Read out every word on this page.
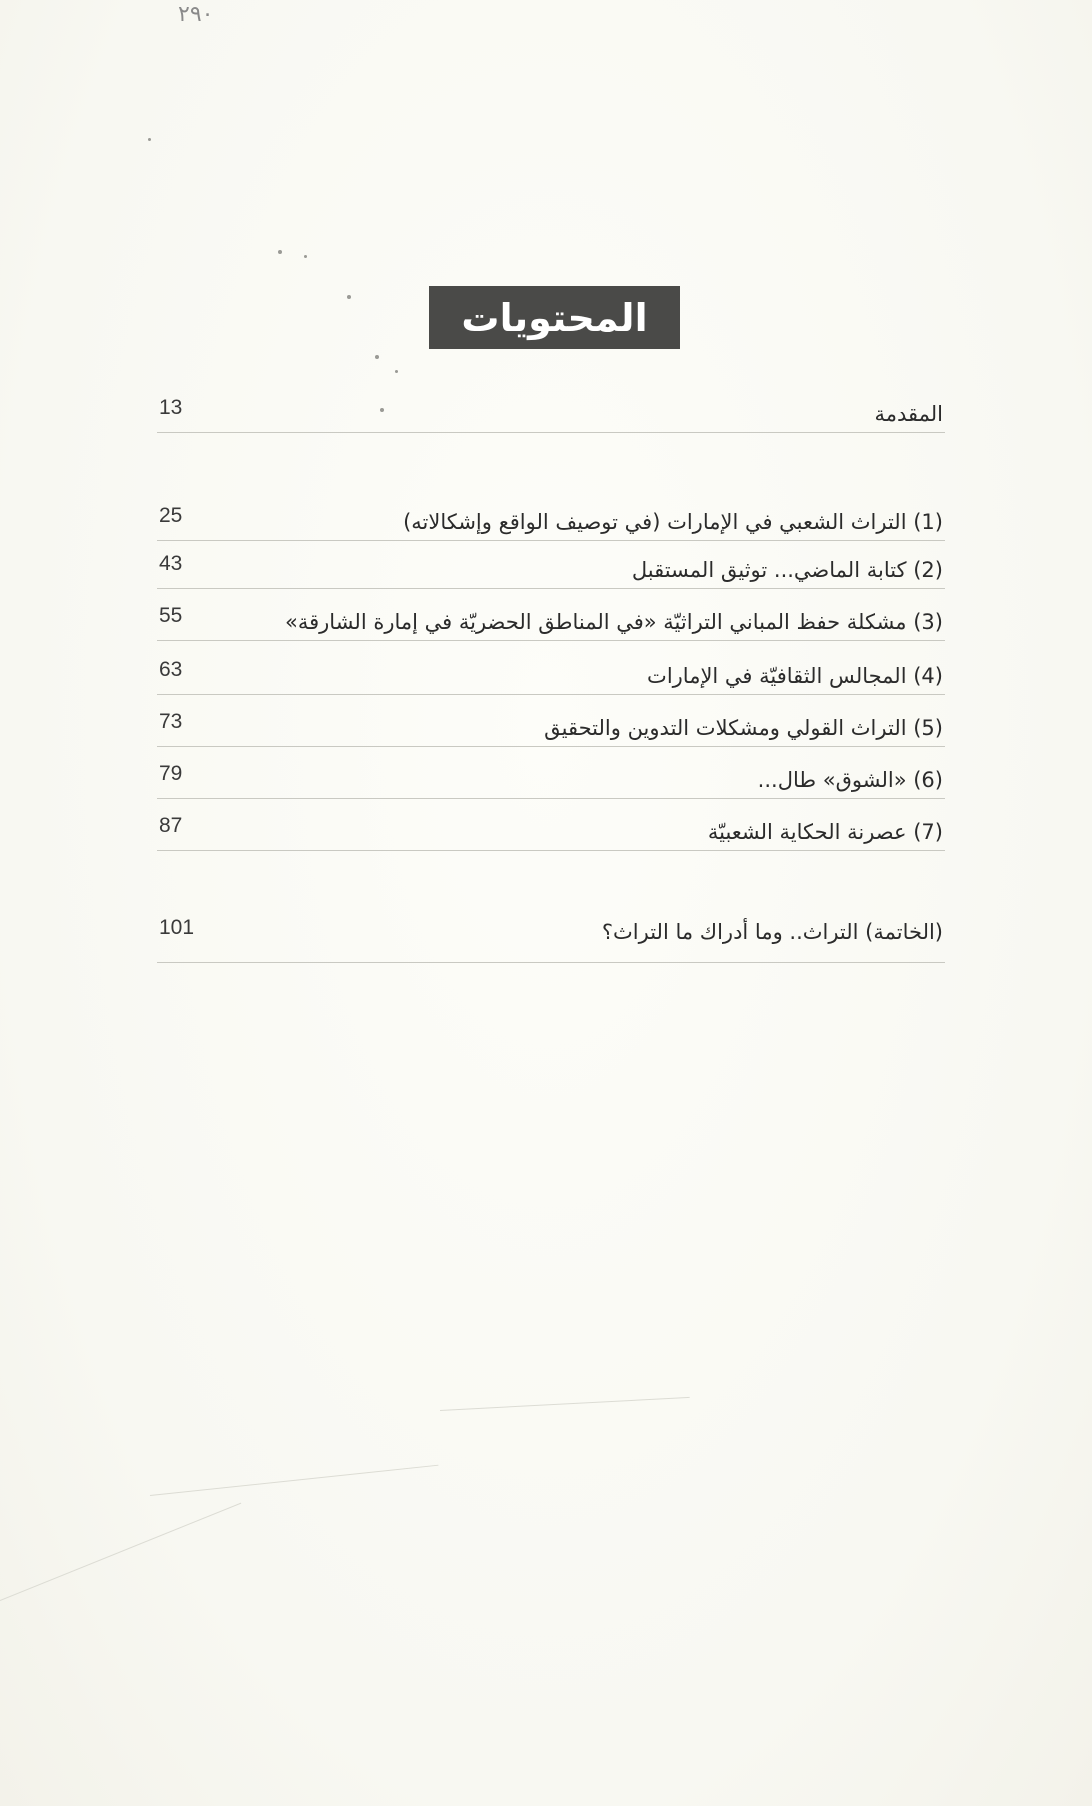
٢٩٠
المحتويات
المقدمة
13
(1) التراث الشعبي في الإمارات (في توصيف الواقع وإشكالاته)
25
(2) كتابة الماضي... توثيق المستقبل
43
(3) مشكلة حفظ المباني التراثيّة «في المناطق الحضريّة في إمارة الشارقة»
55
(4) المجالس الثقافيّة في الإمارات
63
(5) التراث القولي ومشكلات التدوين والتحقيق
73
(6) «الشوق» طال...
79
(7) عصرنة الحكاية الشعبيّة
87
(الخاتمة) التراث.. وما أدراك ما التراث؟
101
